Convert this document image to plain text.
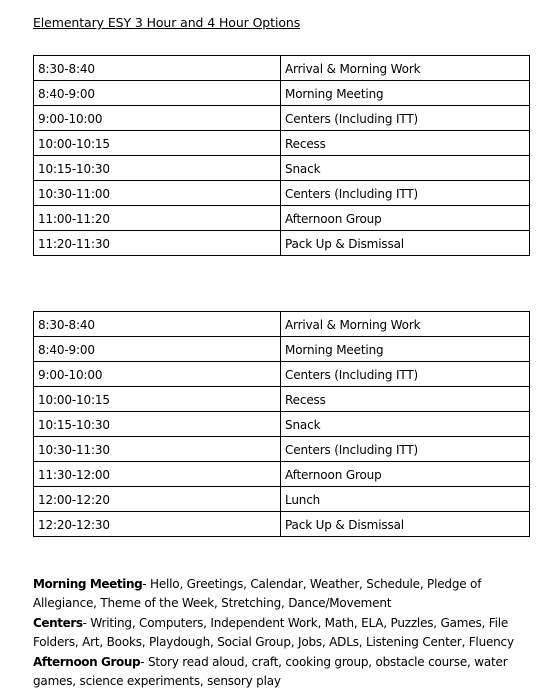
Elementary ESY 3 Hour and 4 Hour Options
8:30-8:40	Arrival & Morning Work
8:40-9:00	Morning Meeting
9:00-10:00	Centers (Including ITT)
10:00-10:15	Recess
10:15-10:30	Snack
10:30-11:00	Centers (Including ITT)
11:00-11:20	Afternoon Group
11:20-11:30	Pack Up & Dismissal
8:30-8:40	Arrival & Morning Work
8:40-9:00	Morning Meeting
9:00-10:00	Centers (Including ITT)
10:00-10:15	Recess
10:15-10:30	Snack
10:30-11:30	Centers (Including ITT)
11:30-12:00	Afternoon Group
12:00-12:20	Lunch
12:20-12:30	Pack Up & Dismissal

Morning Meeting- Hello, Greetings, Calendar, Weather, Schedule, Pledge of Allegiance, Theme of the Week, Stretching, Dance/Movement

Centers- Writing, Computers, Independent Work, Math, ELA, Puzzles, Games, File Folders, Art, Books, Playdough, Social Group, Jobs, ADLs, Listening Center, Fluency

Afternoon Group- Story read aloud, craft, cooking group, obstacle course, water games, science experiments, sensory play
